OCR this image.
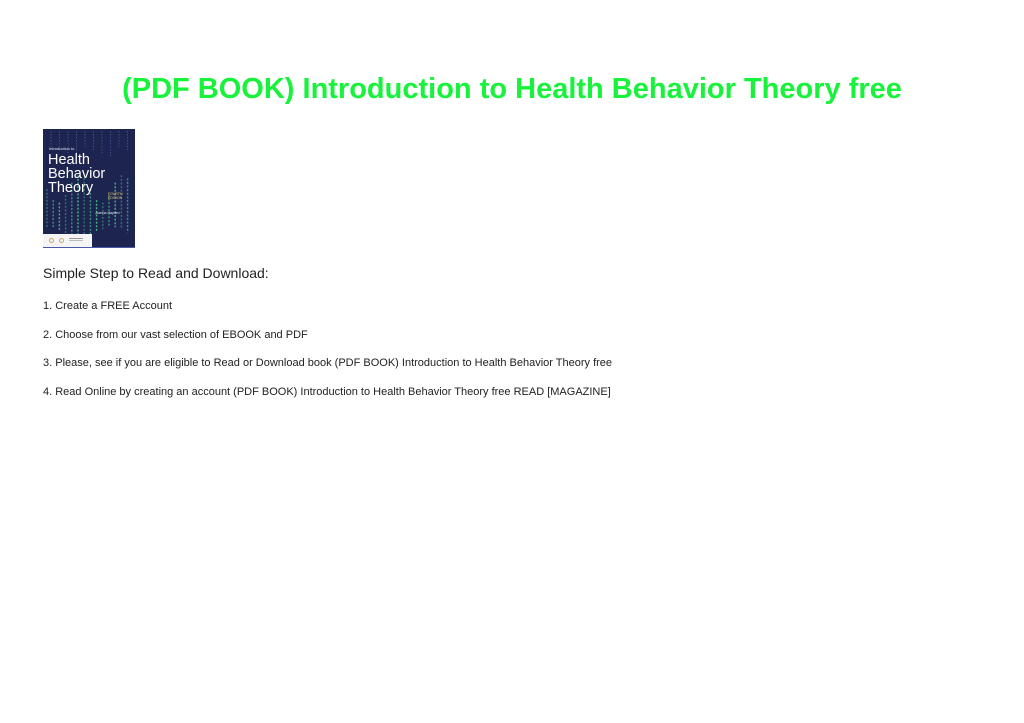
(PDF BOOK) Introduction to Health Behavior Theory free
Introduction to
Health
Behavior
Theory	FOURTH EDITION
Joanna Hayden

Simple Step to Read and Download:

1. Create a FREE Account
2. Choose from our vast selection of EBOOK and PDF
3. Please, see if you are eligible to Read or Download book (PDF BOOK) Introduction to Health Behavior Theory free
4. Read Online by creating an account (PDF BOOK) Introduction to Health Behavior Theory free READ [MAGAZINE]
